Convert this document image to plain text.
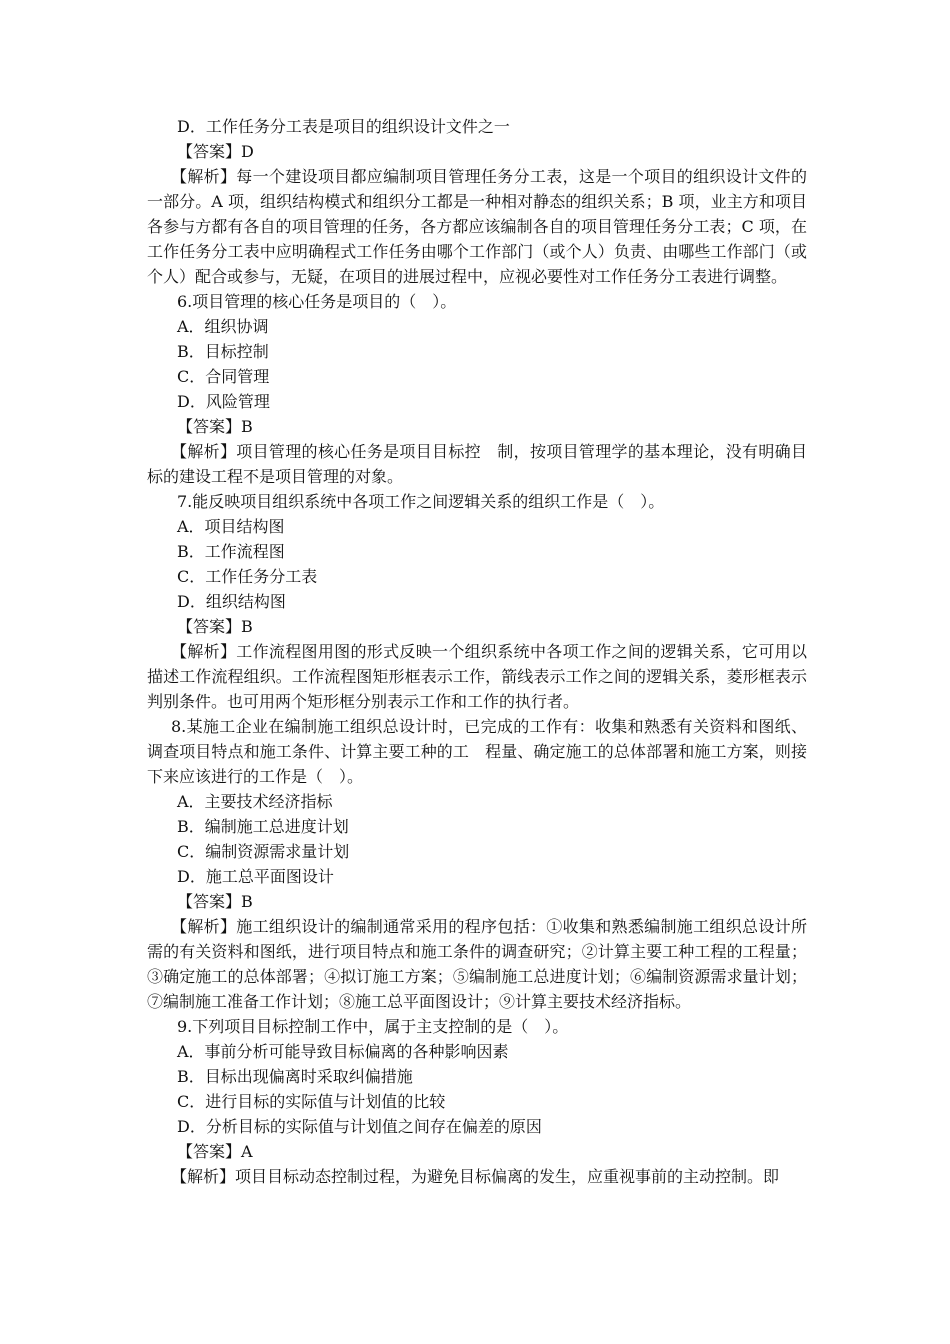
D．工作任务分工表是项目的组织设计文件之一
【答案】D

【解析】每一个建设项目都应编制项目管理任务分工表，这是一个项目的组织设计文件的一部分。A 项，组织结构模式和组织分工都是一种相对静态的组织关系；B 项，业主方和项目各参与方都有各自的项目管理的任务，各方都应该编制各自的项目管理任务分工表；C 项，在工作任务分工表中应明确程式工作任务由哪个工作部门（或个人）负责、由哪些工作部门（或个人）配合或参与，无疑，在项目的进展过程中，应视必要性对工作任务分工表进行调整。

6.项目管理的核心任务是项目的（　）。
A．组织协调
B．目标控制
C．合同管理
D．风险管理
【答案】B

【解析】项目管理的核心任务是项目目标控　制，按项目管理学的基本理论，没有明确目标的建设工程不是项目管理的对象。

7.能反映项目组织系统中各项工作之间逻辑关系的组织工作是（　）。
A．项目结构图
B．工作流程图
C．工作任务分工表
D．组织结构图
【答案】B

【解析】工作流程图用图的形式反映一个组织系统中各项工作之间的逻辑关系，它可用以描述工作流程组织。工作流程图矩形框表示工作，箭线表示工作之间的逻辑关系，菱形框表示判别条件。也可用两个矩形框分别表示工作和工作的执行者。

8.某施工企业在编制施工组织总设计时，已完成的工作有：收集和熟悉有关资料和图纸、调查项目特点和施工条件、计算主要工种的工　程量、确定施工的总体部署和施工方案，则接下来应该进行的工作是（　）。

A．主要技术经济指标
B．编制施工总进度计划
C．编制资源需求量计划
D．施工总平面图设计
【答案】B

【解析】施工组织设计的编制通常采用的程序包括：①收集和熟悉编制施工组织总设计所需的有关资料和图纸，进行项目特点和施工条件的调查研究；②计算主要工种工程的工程量；③确定施工的总体部署；④拟订施工方案；⑤编制施工总进度计划；⑥编制资源需求量计划；⑦编制施工准备工作计划；⑧施工总平面图设计；⑨计算主要技术经济指标。

9.下列项目目标控制工作中，属于主支控制的是（　）。
A．事前分析可能导致目标偏离的各种影响因素
B．目标出现偏离时采取纠偏措施
C．进行目标的实际值与计划值的比较
D．分析目标的实际值与计划值之间存在偏差的原因
【答案】A

【解析】项目目标动态控制过程，为避免目标偏离的发生，应重视事前的主动控制。即
